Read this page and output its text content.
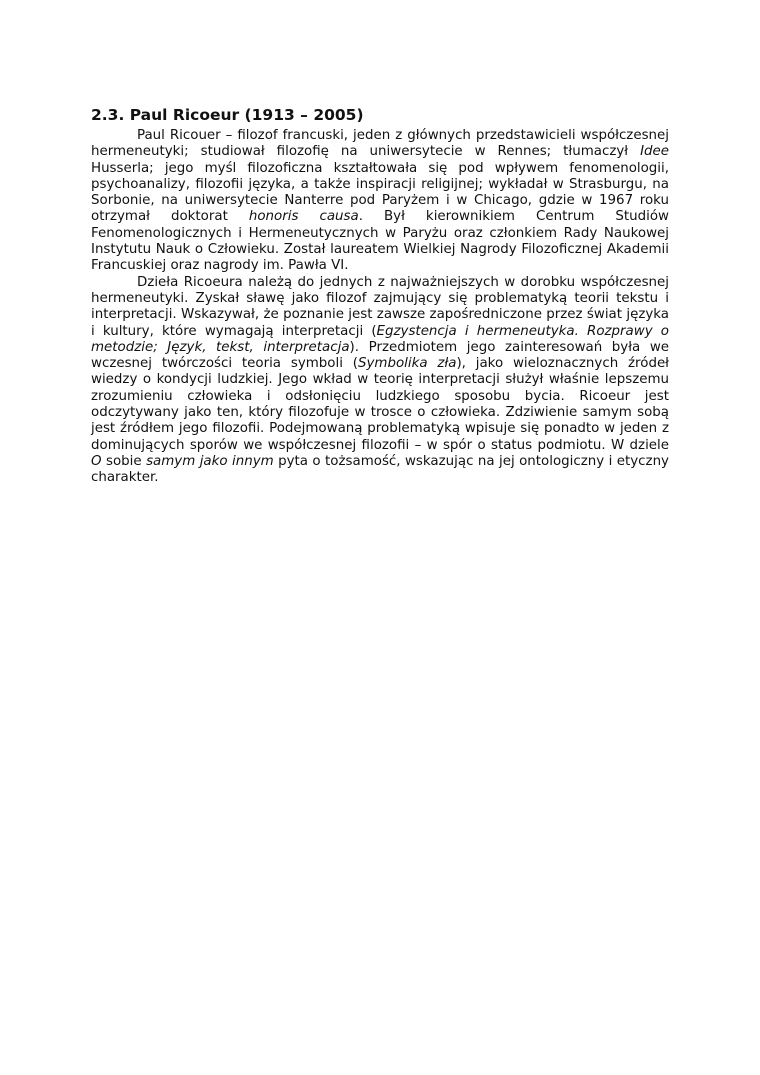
2.3. Paul Ricoeur (1913 – 2005)

Paul Ricouer – filozof francuski, jeden z głównych przedstawicieli współczesnej hermeneutyki; studiował filozofię na uniwersytecie w Rennes; tłumaczył Idee Husserla; jego myśl filozoficzna kształtowała się pod wpływem fenomenologii, psychoanalizy, filozofii języka, a także inspiracji religijnej; wykładał w Strasburgu, na Sorbonie, na uniwersytecie Nanterre pod Paryżem i w Chicago, gdzie w 1967 roku otrzymał doktorat honoris causa. Był kierownikiem Centrum Studiów Fenomenologicznych i Hermeneutycznych w Paryżu oraz członkiem Rady Naukowej Instytutu Nauk o Człowieku. Został laureatem Wielkiej Nagrody Filozoficznej Akademii Francuskiej oraz nagrody im. Pawła VI.

Dzieła Ricoeura należą do jednych z najważniejszych w dorobku współczesnej hermeneutyki. Zyskał sławę jako filozof zajmujący się problematyką teorii tekstu i interpretacji. Wskazywał, że poznanie jest zawsze zapośredniczone przez świat języka i kultury, które wymagają interpretacji (Egzystencja i hermeneutyka. Rozprawy o metodzie; Język, tekst, interpretacja). Przedmiotem jego zainteresowań była we wczesnej twórczości teoria symboli (Symbolika zła), jako wieloznacznych źródeł wiedzy o kondycji ludzkiej. Jego wkład w teorię interpretacji służył właśnie lepszemu zrozumieniu człowieka i odsłonięciu ludzkiego sposobu bycia. Ricoeur jest odczytywany jako ten, który filozofuje w trosce o człowieka. Zdziwienie samym sobą jest źródłem jego filozofii. Podejmowaną problematyką wpisuje się ponadto w jeden z dominujących sporów we współczesnej filozofii – w spór o status podmiotu. W dziele O sobie samym jako innym pyta o tożsamość, wskazując na jej ontologiczny i etyczny charakter.
